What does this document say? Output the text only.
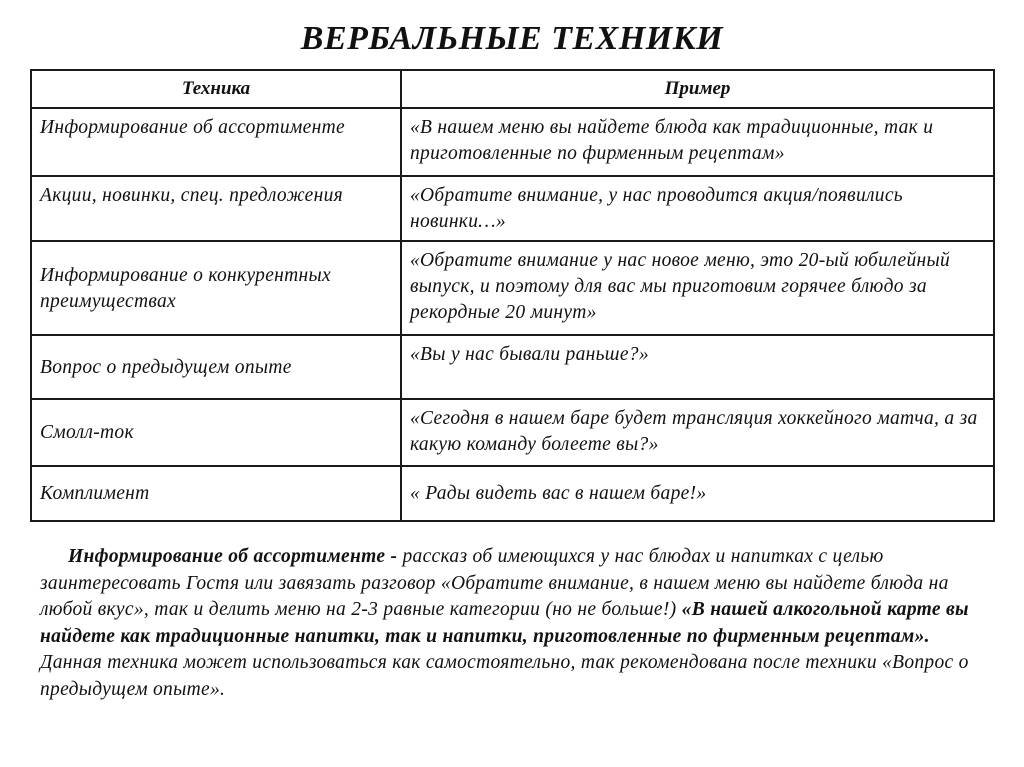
ВЕРБАЛЬНЫЕ ТЕХНИКИ
Техника	Пример
Информирование об ассортименте	«В нашем меню вы найдете блюда как традиционные, так и приготовленные по фирменным рецептам»
Акции, новинки, спец. предложения	«Обратите внимание, у нас проводится акция/появились новинки…»
Информирование о конкурентных преимуществах	«Обратите внимание у нас новое меню, это 20-ый юбилейный выпуск, и поэтому для вас мы приготовим горячее блюдо за рекордные 20 минут»
Вопрос о предыдущем опыте	«Вы у нас бывали раньше?»
Смолл-ток	«Сегодня в нашем баре будет трансляция хоккейного матча, а за какую команду болеете вы?»
Комплимент	« Рады видеть вас в нашем баре!»
Информирование об ассортименте - рассказ об имеющихся у нас блюдах и напитках с целью заинтересовать Гостя или завязать разговор «Обратите внимание, в нашем меню вы найдете блюда на любой вкус», так и делить меню на 2-3 равные категории (но не больше!) «В нашей алкогольной карте вы найдете как традиционные напитки, так и напитки, приготовленные по фирменным рецептам». Данная техника может использоваться как самостоятельно, так рекомендована после техники «Вопрос о предыдущем опыте».
